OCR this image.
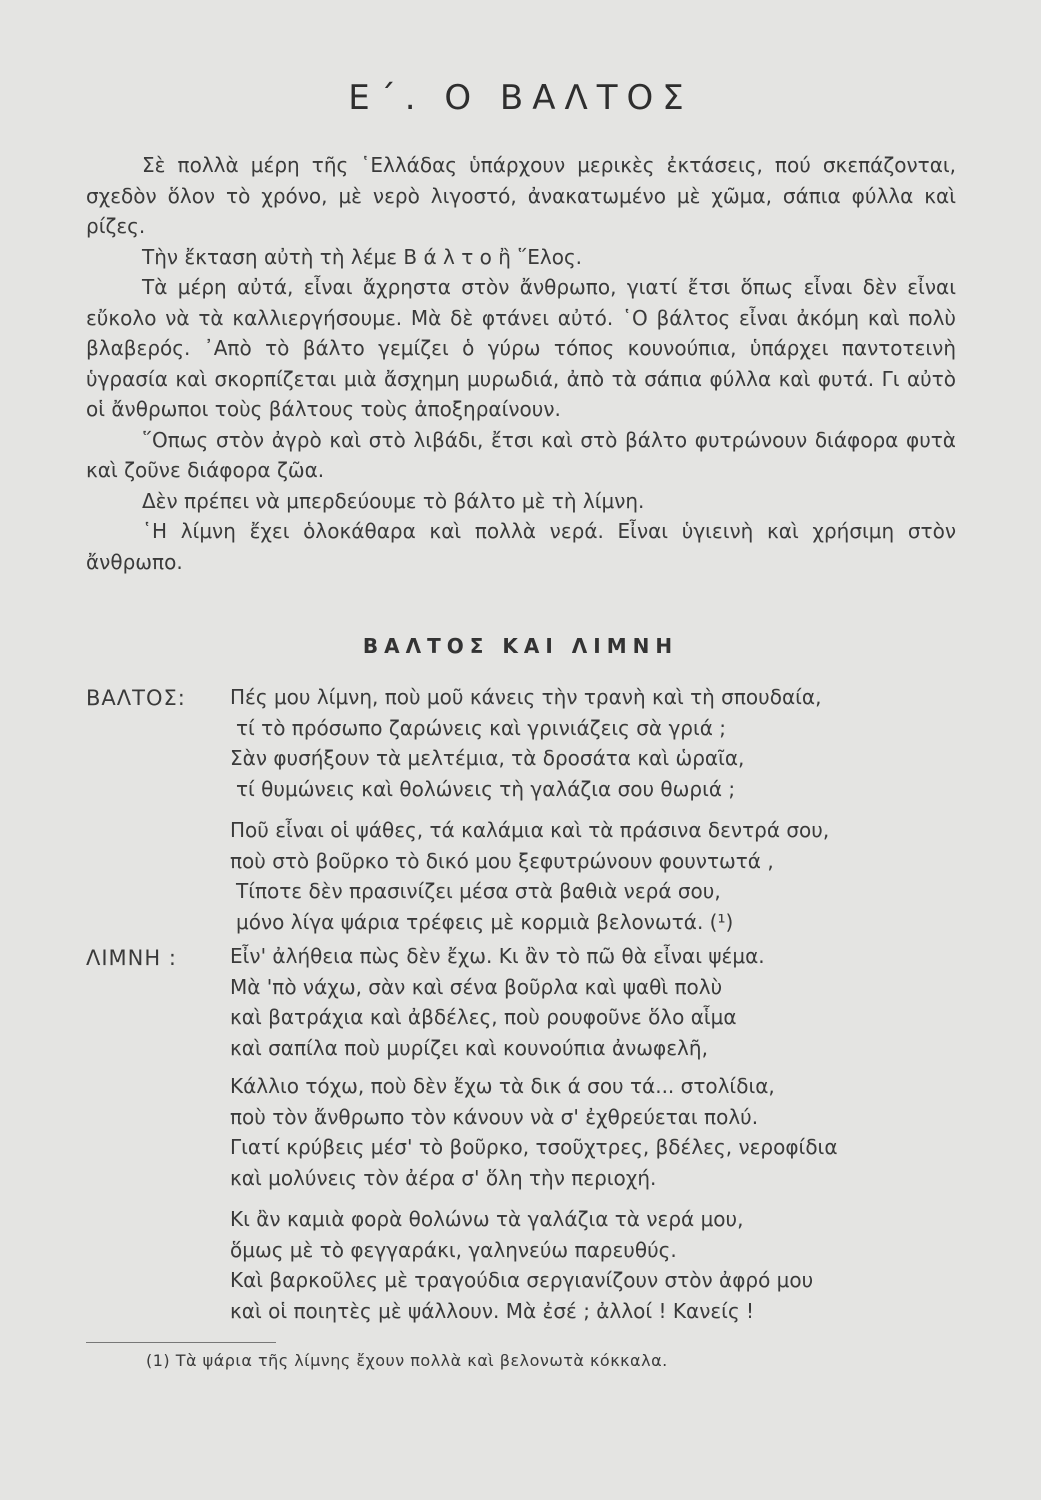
Ε΄. Ο ΒΑΛΤΟΣ

Σὲ πολλὰ μέρη τῆς ῾Ελλάδας ὑπάρχουν μερικὲς ἐκτάσεις, πού σκεπάζονται, σχεδὸν ὅλον τὸ χρόνο, μὲ νερὸ λιγοστό, ἀνακατωμένο μὲ χῶμα, σάπια φύλλα καὶ ρίζες.

Τὴν ἔκταση αὐτὴ τὴ λέμε Β ά λ τ ο ἢ ῞Ελος.

Τὰ μέρη αὐτά, εἶναι ἄχρηστα στὸν ἄνθρωπο, γιατί ἔτσι ὅπως εἶναι δὲν εἶναι εὔκολο νὰ τὰ καλλιεργήσουμε. Μὰ δὲ φτάνει αὐτό. ῾Ο βάλτος εἶναι ἀκόμη καὶ πολὺ βλαβερός. ᾿Απὸ τὸ βάλτο γεμίζει ὁ γύρω τόπος κουνούπια, ὑπάρχει παντοτεινὴ ὑγρασία καὶ σκορπίζεται μιὰ ἄσχημη μυρωδιά, ἀπὸ τὰ σάπια φύλλα καὶ φυτά. Γι αὐτὸ οἱ ἄνθρωποι τοὺς βάλτους τοὺς ἀποξηραίνουν.

῞Οπως στὸν ἀγρὸ καὶ στὸ λιβάδι, ἔτσι καὶ στὸ βάλτο φυτρώνουν διάφορα φυτὰ καὶ ζοῦνε διάφορα ζῶα.

Δὲν πρέπει νὰ μπερδεύουμε τὸ βάλτο μὲ τὴ λίμνη.

῾Η λίμνη ἔχει ὁλοκάθαρα καὶ πολλὰ νερά. Εἶναι ὑγιεινὴ καὶ χρήσιμη στὸν ἄνθρωπο.

ΒΑΛΤΟΣ ΚΑΙ ΛΙΜΝΗ
ΒΑΛΤΟΣ:
ΛΙΜΝΗ :
Πές μου λίμνη, ποὺ μοῦ κάνεις τὴν τρανὴ καὶ τὴ σπουδαία,
τί τὸ πρόσωπο ζαρώνεις καὶ γρινιάζεις σὰ γριά ;
Σὰν φυσήξουν τὰ μελτέμια, τὰ δροσάτα καὶ ὡραῖα,
τί θυμώνεις καὶ θολώνεις τὴ γαλάζια σου θωριά ;
Ποῦ εἶναι οἱ ψάθες, τά καλάμια καὶ τὰ πράσινα δεντρά σου,
ποὺ στὸ βοῦρκο τὸ δικό μου ξεφυτρώνουν φουντωτά ,
Τίποτε δὲν πρασινίζει μέσα στὰ βαθιὰ νερά σου,
μόνο λίγα ψάρια τρέφεις μὲ κορμιὰ βελονωτά. (¹)
Εἶν' ἀλήθεια πὼς δὲν ἔχω. Κι ἂν τὸ πῶ θὰ εἶναι ψέμα.
Μὰ 'πὸ νάχω, σὰν καὶ σένα βοῦρλα καὶ ψαθὶ πολὺ
καὶ βατράχια καὶ ἀβδέλες, ποὺ ρουφοῦνε ὅλο αἷμα
καὶ σαπίλα ποὺ μυρίζει καὶ κουνούπια ἀνωφελῆ,
Κάλλιο τόχω, ποὺ δὲν ἔχω τὰ δικ ά σου τά... στολίδια,
ποὺ τὸν ἄνθρωπο τὸν κάνουν νὰ σ' ἐχθρεύεται πολύ.
Γιατί κρύβεις μέσ' τὸ βοῦρκο, τσοῦχτρες, βδέλες, νεροφίδια
καὶ μολύνεις τὸν ἀέρα σ' ὅλη τὴν περιοχή.
Κι ἂν καμιὰ φορὰ θολώνω τὰ γαλάζια τὰ νερά μου,
ὅμως μὲ τὸ φεγγαράκι, γαληνεύω παρευθύς.
Καὶ βαρκοῦλες μὲ τραγούδια σεργιανίζουν στὸν ἀφρό μου
καὶ οἱ ποιητὲς μὲ ψάλλουν. Μὰ ἐσέ ; ἀλλοί ! Κανείς !
(1) Τὰ ψάρια τῆς λίμνης ἔχουν πολλὰ καὶ βελονωτὰ κόκκαλα.
